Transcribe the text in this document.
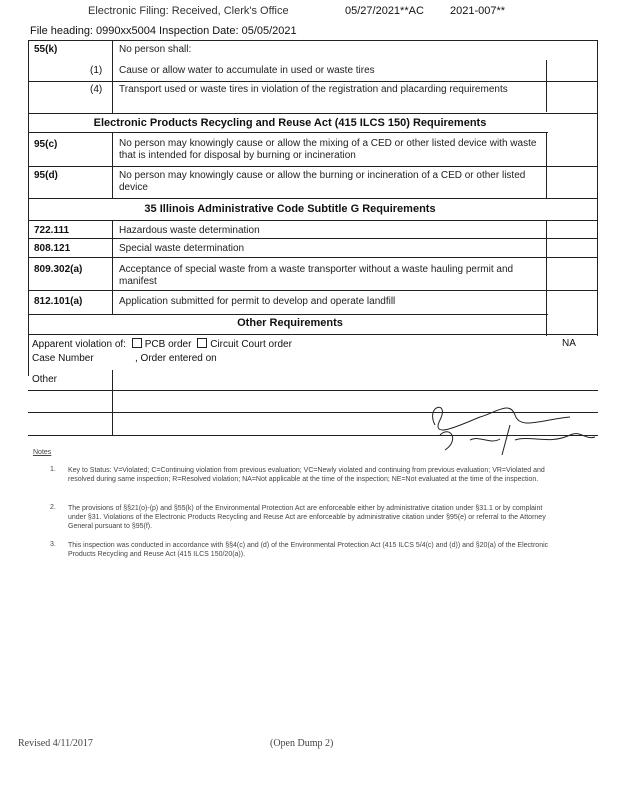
File heading: 0990xx5004 Inspection Date: 05/05/2021
Electronic Filing: Received, Clerk's Office	05/27/2021**AC 2021-007**
55(k)	No person shall:
(1) Cause or allow water to accumulate in used or waste tires
(4) Transport used or waste tires in violation of the registration and placarding requirements
Electronic Products Recycling and Reuse Act (415 ILCS 150) Requirements
95(c)	No person may knowingly cause or allow the mixing of a CED or other listed device with waste that is intended for disposal by burning or incineration
95(d)	No person may knowingly cause or allow the burning or incineration of a CED or other listed device
35 Illinois Administrative Code Subtitle G Requirements
722.111	Hazardous waste determination
808.121	Special waste determination
809.302(a)	Acceptance of special waste from a waste transporter without a waste hauling permit and manifest
812.101(a)	Application submitted for permit to develop and operate landfill
Other Requirements
Apparent violation of: PCB order Circuit Court order	NA
Case Number	, Order entered on
Other
Notes
1. Key to Status: V=Violated; C=Continuing violation from previous evaluation; VC=Newly violated and continuing from previous evaluation; VR=Violated and resolved during same inspection; R=Resolved violation; NA=Not applicable at the time of the inspection; NE=Not evaluated at the time of the inspection.
2. The provisions of §§21(o)-(p) and §55(k) of the Environmental Protection Act are enforceable either by administrative citation under §31.1 or by complaint under §31. Violations of the Electronic Products Recycling and Reuse Act are enforceable by administrative citation under §95(e) or referral to the Attorney General pursuant to §95(f).
3. This inspection was conducted in accordance with §§4(c) and (d) of the Environmental Protection Act (415 ILCS 5/4(c) and (d)) and §20(a) of the Electronic Products Recycling and Reuse Act (415 ILCS 150/20(a)).
Revised 4/11/2017	(Open Dump 2)
